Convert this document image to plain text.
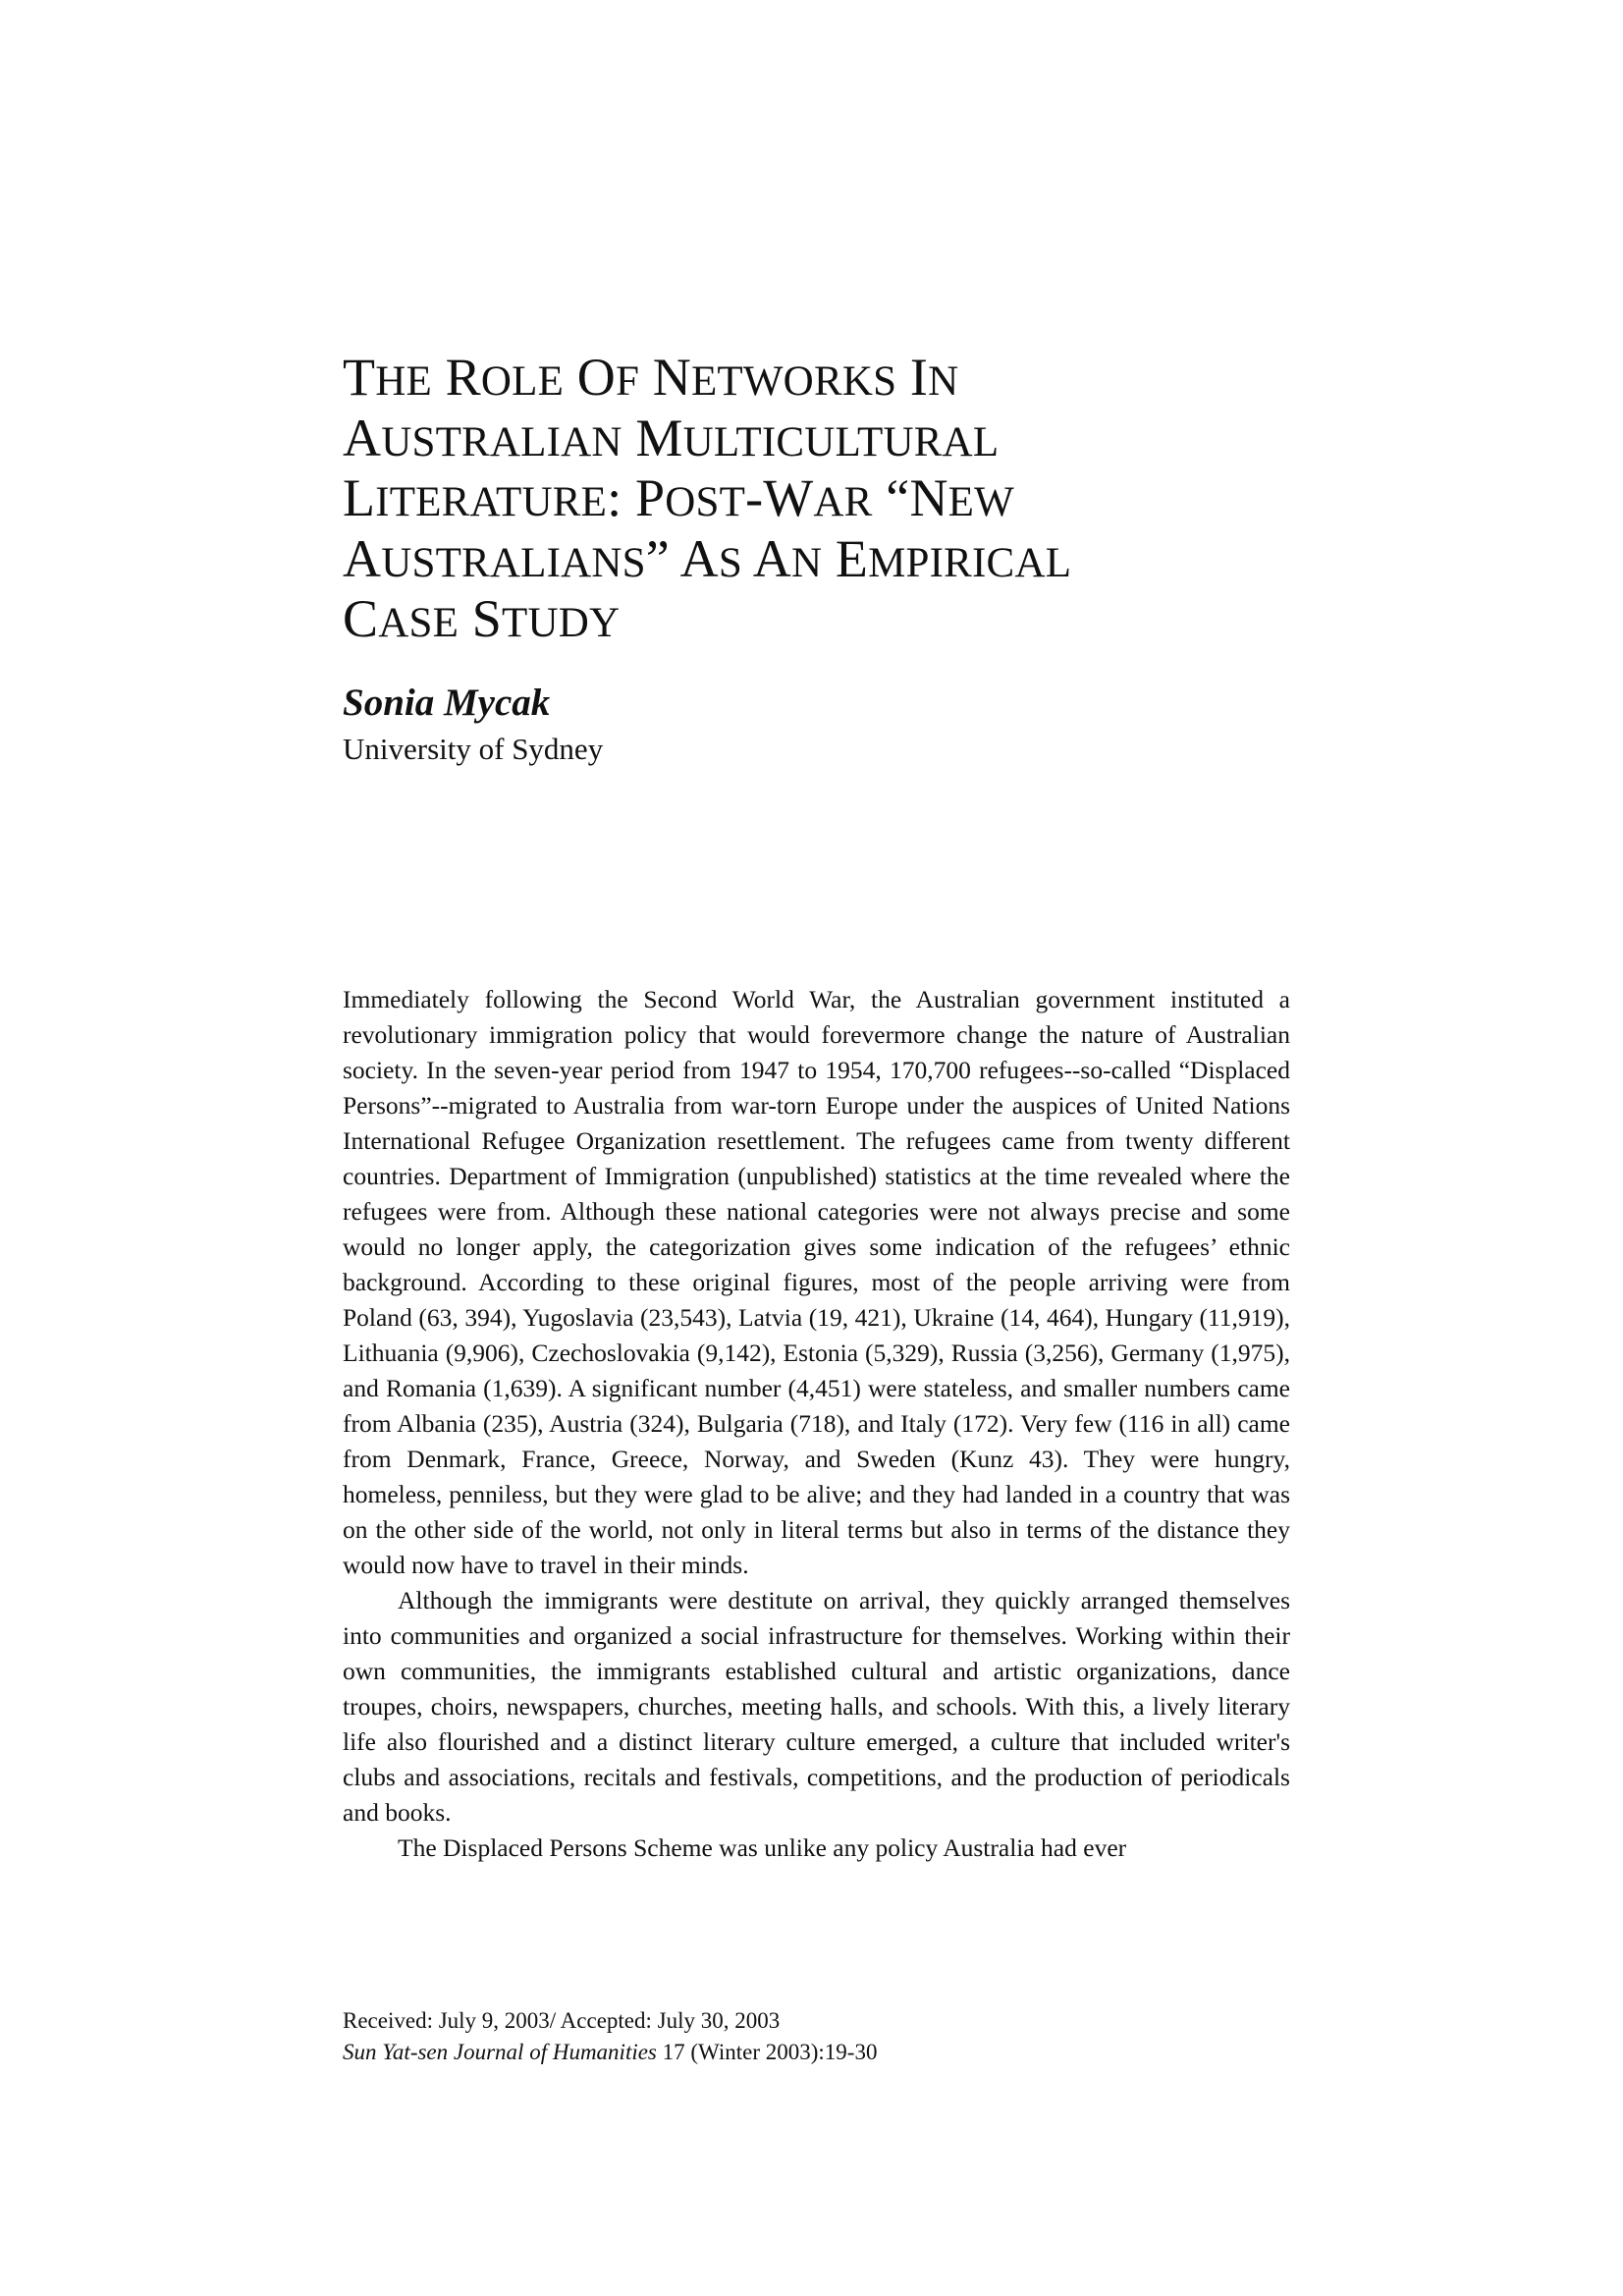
THE ROLE OF NETWORKS IN
AUSTRALIAN MULTICULTURAL
LITERATURE: POST-WAR “NEW
AUSTRALIANS” AS AN EMPIRICAL
CASE STUDY
Sonia Mycak
University of Sydney

Immediately following the Second World War, the Australian government instituted a revolutionary immigration policy that would forevermore change the nature of Australian society. In the seven-year period from 1947 to 1954, 170,700 refugees--so-called “Displaced Persons”--migrated to Australia from war-torn Europe under the auspices of United Nations International Refugee Organization resettlement. The refugees came from twenty different countries. Department of Immigration (unpublished) statistics at the time revealed where the refugees were from. Although these national categories were not always precise and some would no longer apply, the categorization gives some indication of the refugees’ ethnic background. According to these original figures, most of the people arriving were from Poland (63, 394), Yugoslavia (23,543), Latvia (19, 421), Ukraine (14, 464), Hungary (11,919), Lithuania (9,906), Czechoslovakia (9,142), Estonia (5,329), Russia (3,256), Germany (1,975), and Romania (1,639). A significant number (4,451) were stateless, and smaller numbers came from Albania (235), Austria (324), Bulgaria (718), and Italy (172). Very few (116 in all) came from Denmark, France, Greece, Norway, and Sweden (Kunz 43). They were hungry, homeless, penniless, but they were glad to be alive; and they had landed in a country that was on the other side of the world, not only in literal terms but also in terms of the distance they would now have to travel in their minds.

Although the immigrants were destitute on arrival, they quickly arranged themselves into communities and organized a social infrastructure for themselves. Working within their own communities, the immigrants established cultural and artistic organizations, dance troupes, choirs, newspapers, churches, meeting halls, and schools. With this, a lively literary life also flourished and a distinct literary culture emerged, a culture that included writer's clubs and associations, recitals and festivals, competitions, and the production of periodicals and books.

The Displaced Persons Scheme was unlike any policy Australia had ever

Received: July 9, 2003/ Accepted: July 30, 2003
Sun Yat-sen Journal of Humanities 17 (Winter 2003):19-30
